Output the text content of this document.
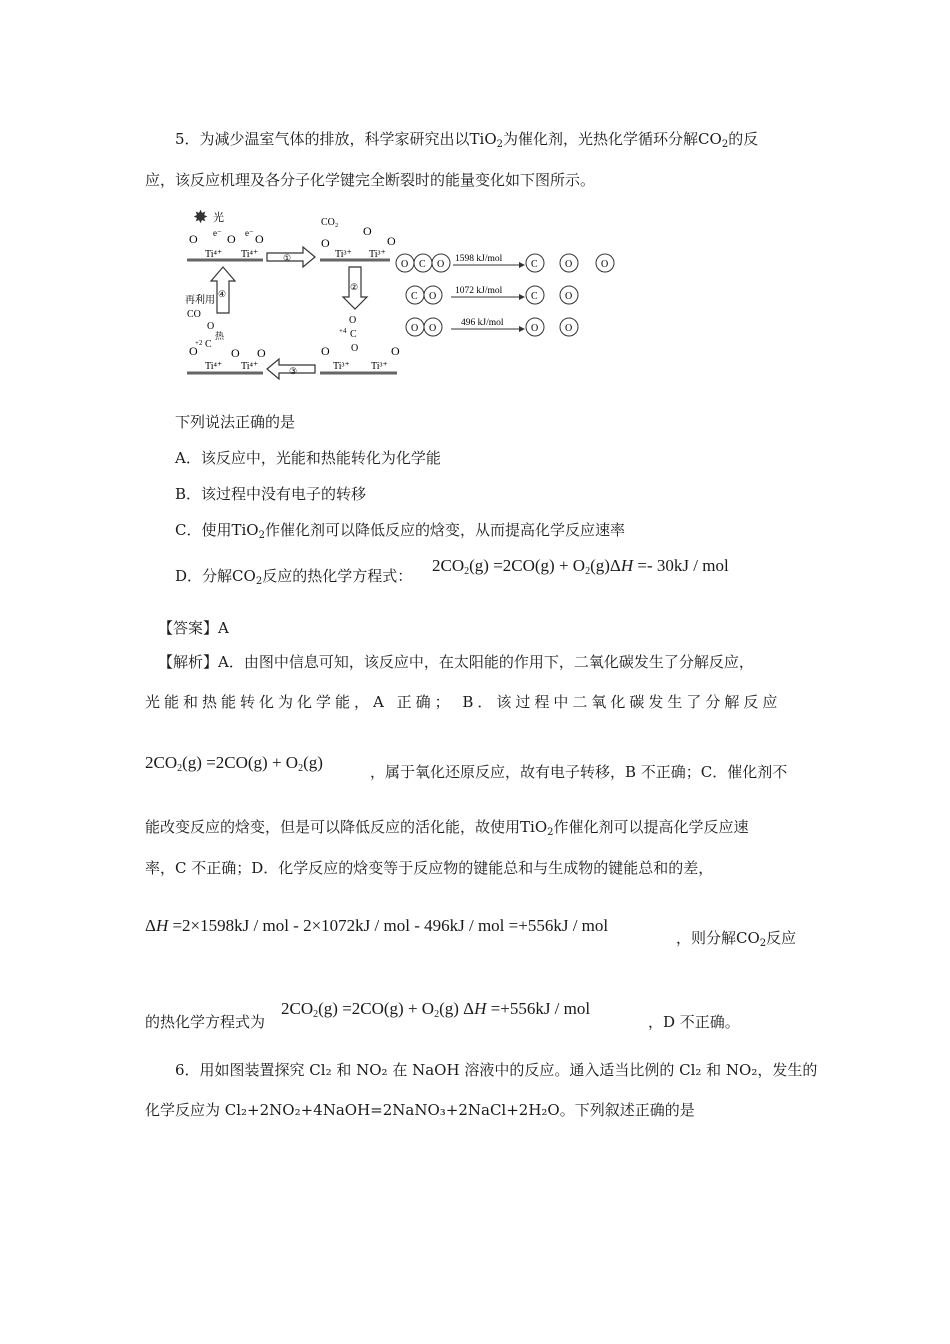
5．为减少温室气体的排放，科学家研究出以TiO$_2$为催化剂，光热化学循环分解$CO_2$的反
应，该反应机理及各分子化学键完全断裂时的能量变化如下图所示。
✸ 光
O e⁻ O e⁻ O
Ti⁴⁺ Ti⁴⁺	①
CO₂
O
O
O
Ti³⁺ Ti³⁺
②
O
+4 C
O
O	O
Ti³⁺ Ti³⁺
③
再利用
CO
O
热
+2 C
O	O O
Ti⁴⁺ Ti⁴⁺
④
O C O	C	O	O
1598 kJ/mol
C O	C	O
1072 kJ/mol
O O	O	O
496 kJ/mol
下列说法正确的是
A．该反应中，光能和热能转化为化学能
B．该过程中没有电子的转移
C．使用TiO$_2$作催化剂可以降低反应的焓变，从而提高化学反应速率
D．分解$CO_2$反应的热化学方程式：
$2CO_2(g) =2CO(g) + O_2(g)\Delta H =- 30kJ$ / mol
【答案】A
【解析】A．由图中信息可知，该反应中，在太阳能的作用下，二氧化碳发生了分解反应，
光能和热能转化为化学能，A 正确； B．该过程中二氧化碳发生了分解反应
$2CO_2(g) =2CO(g) + O_2(g)$	，属于氧化还原反应，故有电子转移，B 不正确；C．催化剂不
能改变反应的焓变，但是可以降低反应的活化能，故使用TiO$_2$作催化剂可以提高化学反应速
率，C 不正确；D．化学反应的焓变等于反应物的键能总和与生成物的键能总和的差，
ΔH =2×1598kJ / mol - 2×1072kJ / mol - 496kJ / mol =+556kJ / mol
，则分解$CO_2$反应
的热化学方程式为
$2CO_2(g) =2CO(g) + O_2(g)$ ΔH =+556kJ / mol
，D 不正确。
6．用如图装置探究 Cl₂ 和 NO₂ 在 NaOH 溶液中的反应。通入适当比例的 Cl₂ 和 NO₂，发生的
化学反应为 Cl₂+2NO₂+4NaOH=2NaNO₃+2NaCl+2H₂O。下列叙述正确的是
